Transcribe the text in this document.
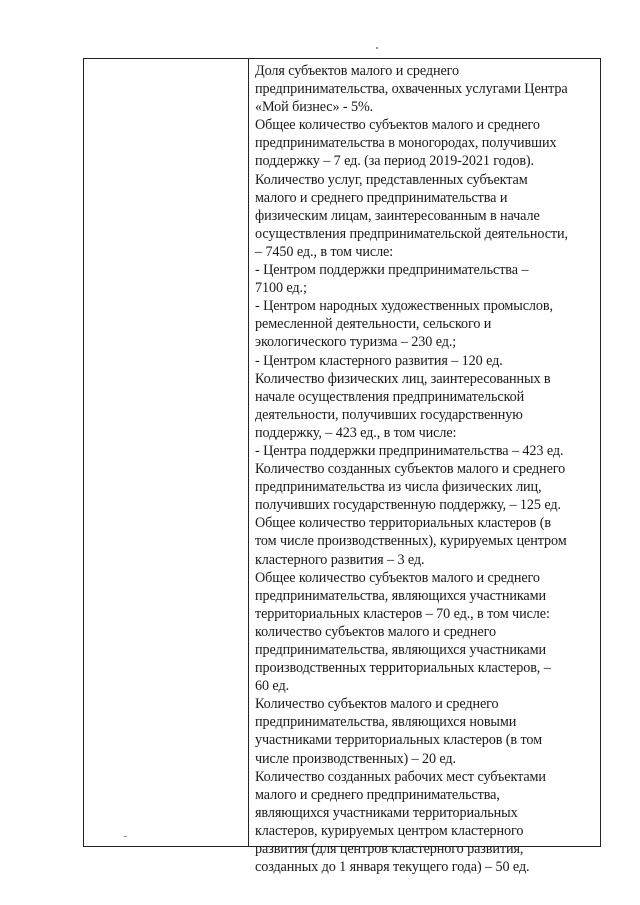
Доля субъектов малого и среднего
предпринимательства, охваченных услугами Центра
«Мой бизнес» - 5%.
Общее количество субъектов малого и среднего
предпринимательства в моногородах, получивших
поддержку – 7 ед. (за период 2019-2021 годов).
Количество услуг, представленных субъектам
малого и среднего предпринимательства и
физическим лицам, заинтересованным в начале
осуществления предпринимательской деятельности,
– 7450 ед., в том числе:
- Центром поддержки предпринимательства –
7100 ед.;
- Центром народных художественных промыслов,
ремесленной деятельности, сельского и
экологического туризма – 230 ед.;
- Центром кластерного развития – 120 ед.
Количество физических лиц, заинтересованных в
начале осуществления предпринимательской
деятельности, получивших государственную
поддержку, – 423 ед., в том числе:
- Центра поддержки предпринимательства – 423 ед.
Количество созданных субъектов малого и среднего
предпринимательства из числа физических лиц,
получивших государственную поддержку, – 125 ед.
Общее количество территориальных кластеров (в
том числе производственных), курируемых центром
кластерного развития – 3 ед.
Общее количество субъектов малого и среднего
предпринимательства, являющихся участниками
территориальных кластеров – 70 ед., в том числе:
количество субъектов малого и среднего
предпринимательства, являющихся участниками
производственных территориальных кластеров, –
60 ед.
Количество субъектов малого и среднего
предпринимательства, являющихся новыми
участниками территориальных кластеров (в том
числе производственных) – 20 ед.
Количество созданных рабочих мест субъектами
малого и среднего предпринимательства,
являющихся участниками территориальных
кластеров, курируемых центром кластерного
развития (для центров кластерного развития,
созданных до 1 января текущего года) – 50 ед.
